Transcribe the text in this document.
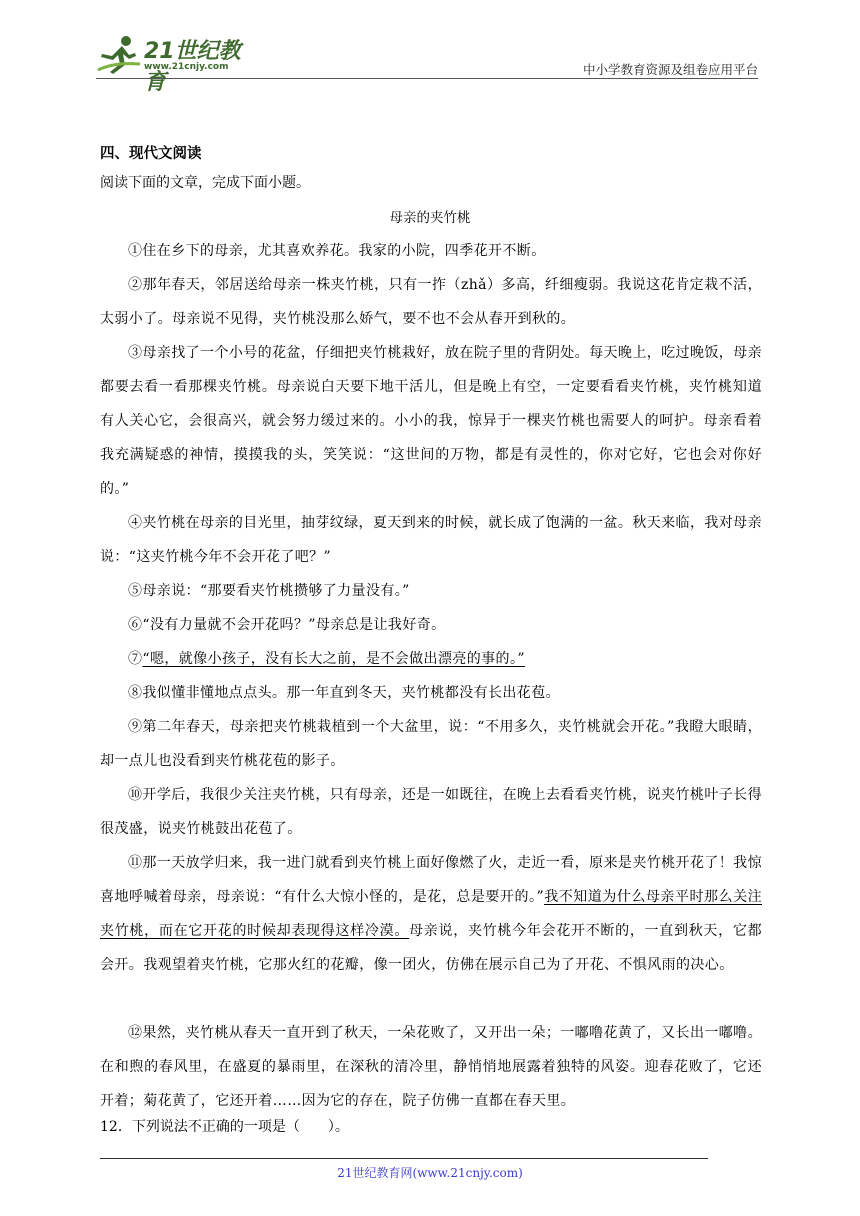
21世纪教育
www.21cnjy.com	中小学教育资源及组卷应用平台
四、现代文阅读
阅读下面的文章，完成下面小题。
母亲的夹竹桃
①住在乡下的母亲，尤其喜欢养花。我家的小院，四季花开不断。
②那年春天，邻居送给母亲一株夹竹桃，只有一拃（zhǎ）多高，纤细瘦弱。我说这花肯定栽不活，太弱小了。母亲说不见得，夹竹桃没那么娇气，要不也不会从春开到秋的。
③母亲找了一个小号的花盆，仔细把夹竹桃栽好，放在院子里的背阴处。每天晚上，吃过晚饭，母亲都要去看一看那棵夹竹桃。母亲说白天要下地干活儿，但是晚上有空，一定要看看夹竹桃，夹竹桃知道有人关心它，会很高兴，就会努力缓过来的。小小的我，惊异于一棵夹竹桃也需要人的呵护。母亲看着我充满疑惑的神情，摸摸我的头，笑笑说：“这世间的万物，都是有灵性的，你对它好，它也会对你好的。”
④夹竹桃在母亲的目光里，抽芽纹绿，夏天到来的时候，就长成了饱满的一盆。秋天来临，我对母亲说：“这夹竹桃今年不会开花了吧？”
⑤母亲说：“那要看夹竹桃攒够了力量没有。”
⑥“没有力量就不会开花吗？”母亲总是让我好奇。
⑦“嗯，就像小孩子，没有长大之前，是不会做出漂亮的事的。”
⑧我似懂非懂地点点头。那一年直到冬天，夹竹桃都没有长出花苞。
⑨第二年春天，母亲把夹竹桃栽植到一个大盆里，说：“不用多久，夹竹桃就会开花。”我瞪大眼睛，却一点儿也没看到夹竹桃花苞的影子。
⑩开学后，我很少关注夹竹桃，只有母亲，还是一如既往，在晚上去看看夹竹桃，说夹竹桃叶子长得很茂盛，说夹竹桃鼓出花苞了。
⑪那一天放学归来，我一进门就看到夹竹桃上面好像燃了火，走近一看，原来是夹竹桃开花了！我惊喜地呼喊着母亲，母亲说：“有什么大惊小怪的，是花，总是要开的。”我不知道为什么母亲平时那么关注夹竹桃，而在它开花的时候却表现得这样冷漠。母亲说，夹竹桃今年会花开不断的，一直到秋天，它都会开。我观望着夹竹桃，它那火红的花瓣，像一团火，仿佛在展示自己为了开花、不惧风雨的决心。
⑫果然，夹竹桃从春天一直开到了秋天，一朵花败了，又开出一朵；一嘟噜花黄了，又长出一嘟噜。在和煦的春风里，在盛夏的暴雨里，在深秋的清冷里，静悄悄地展露着独特的风姿。迎春花败了，它还开着；菊花黄了，它还开着……因为它的存在，院子仿佛一直都在春天里。
12．下列说法不正确的一项是（　　）。
21世纪教育网(www.21cnjy.com)
